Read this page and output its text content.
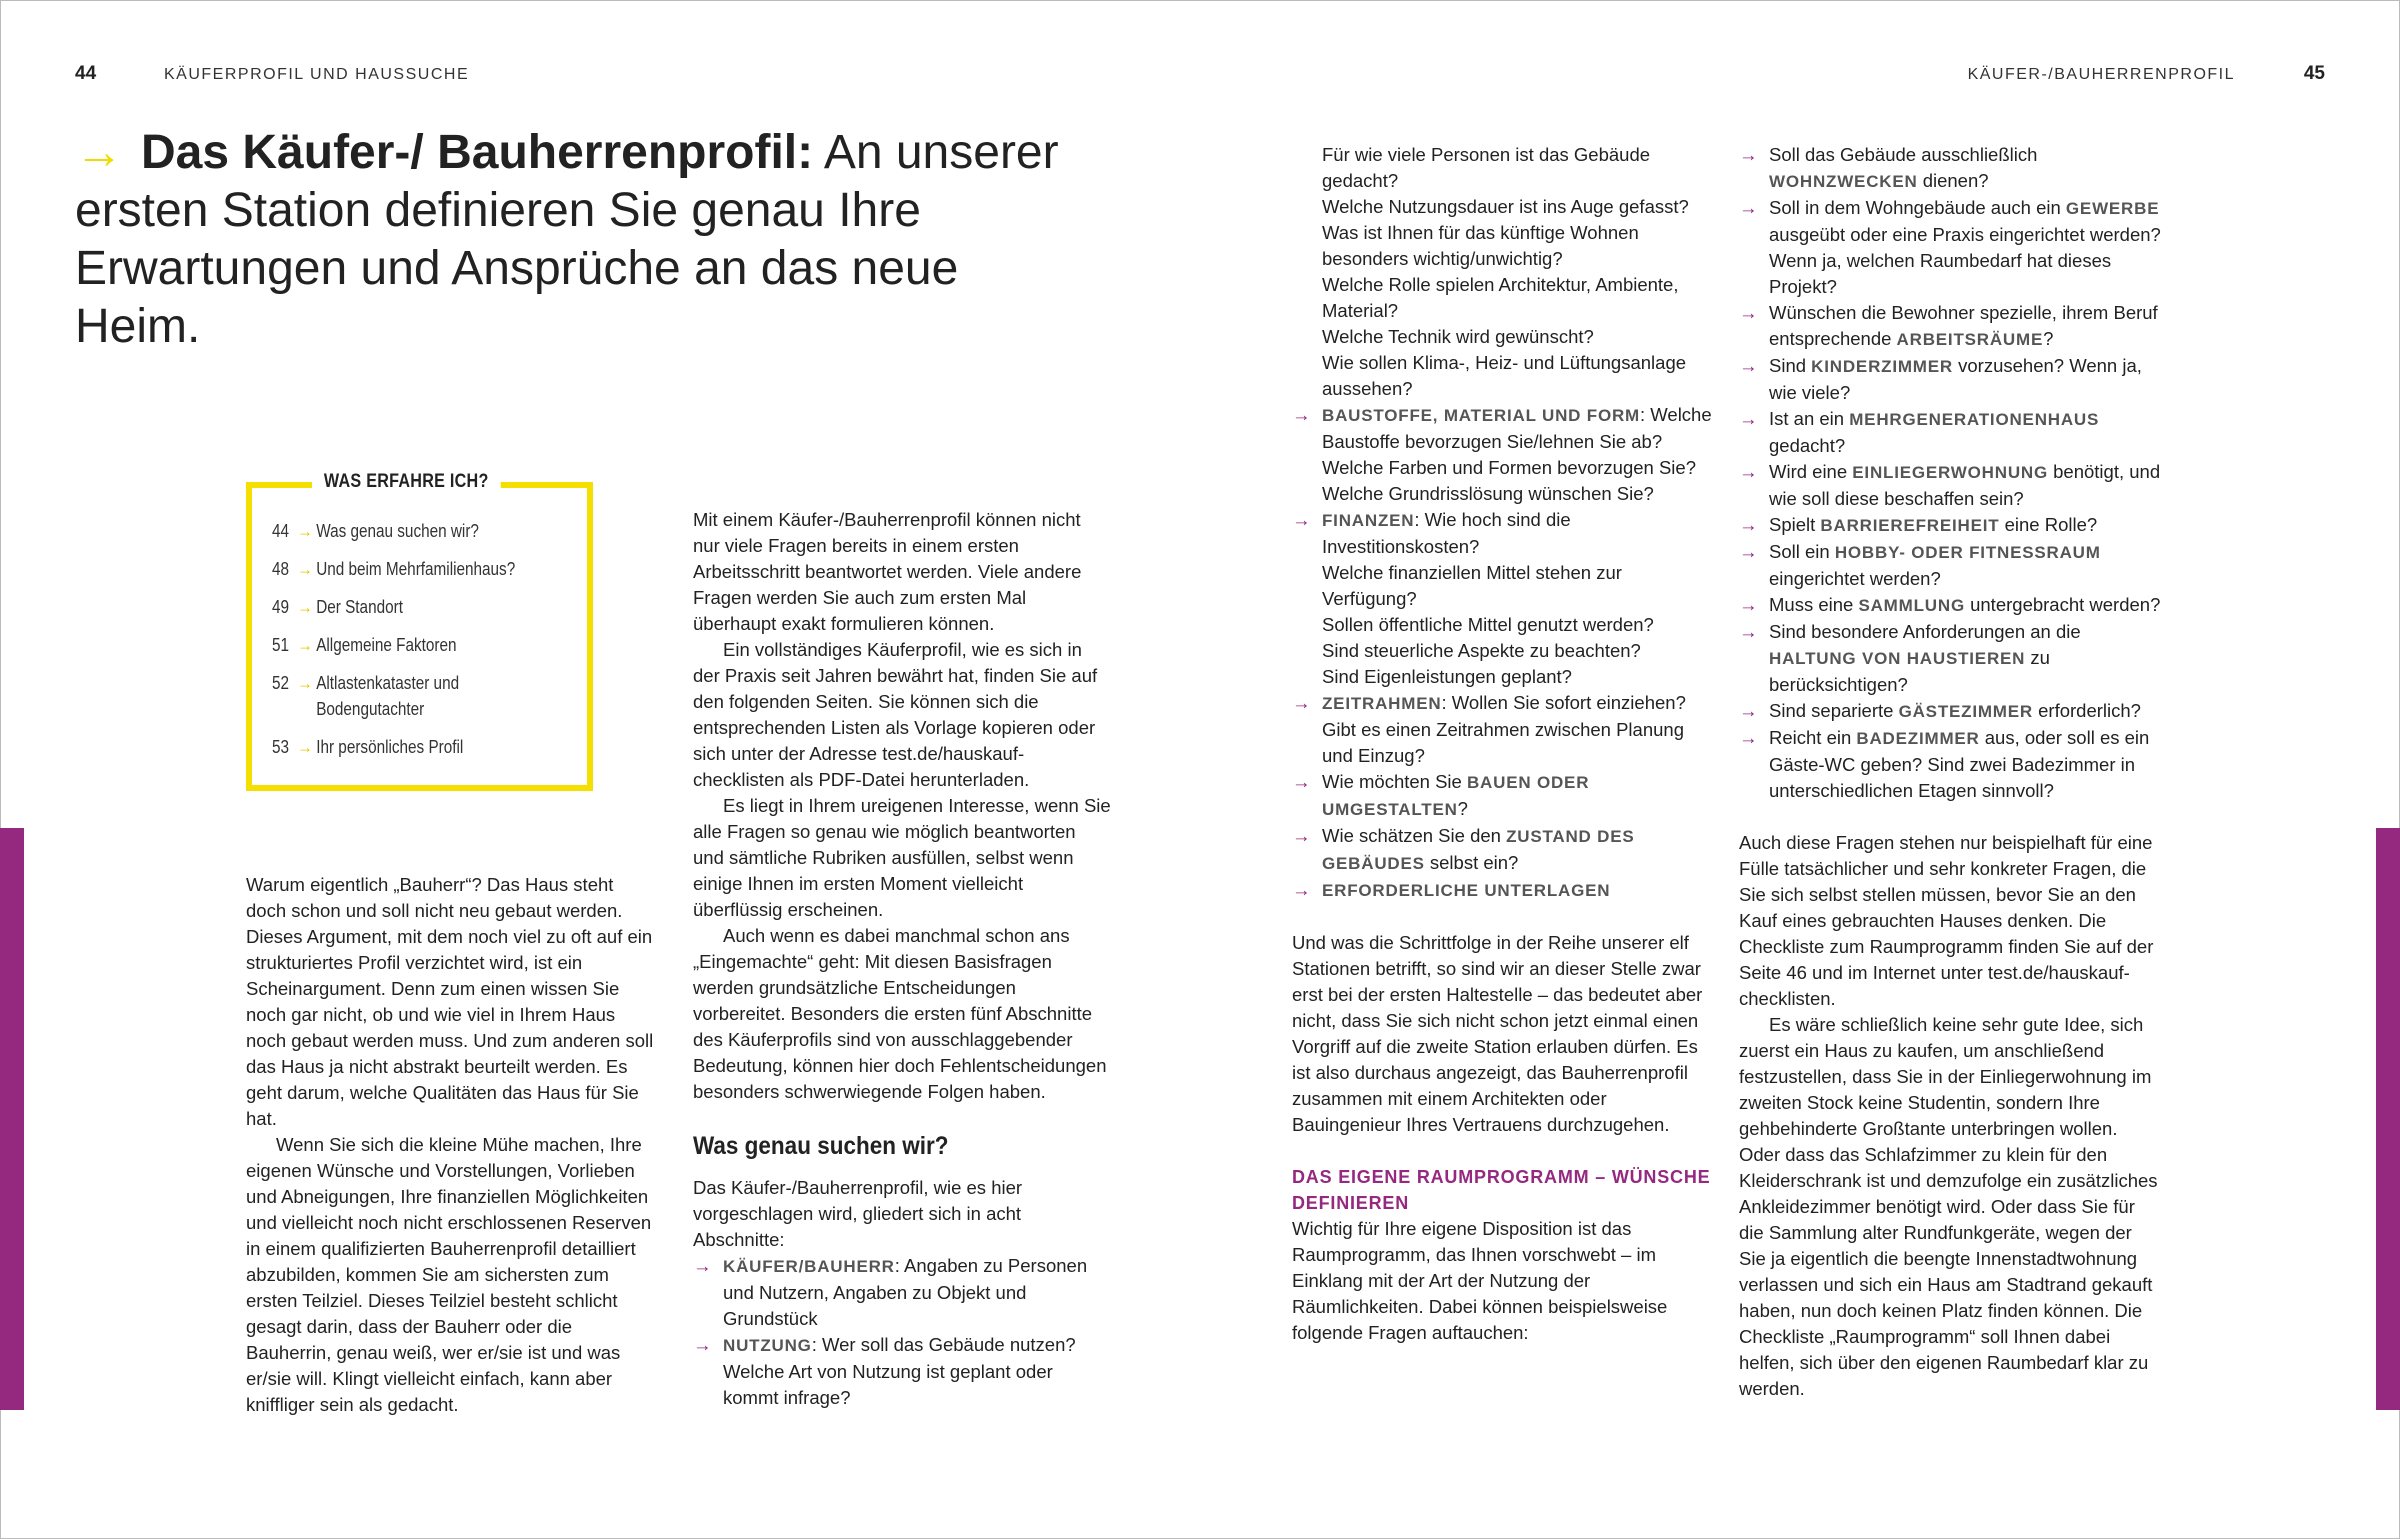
44	KÄUFERPROFIL UND HAUSSUCHE	KÄUFER-/BAUHERRENPROFIL	45
→ Das Käufer-/ Bauherrenprofil: An unserer ersten Station definieren Sie genau Ihre Erwartungen und Ansprüche an das neue Heim.
WAS ERFAHRE ICH?
44 → Was genau suchen wir?
48 → Und beim Mehrfamilienhaus?
49 → Der Standort
51 → Allgemeine Faktoren
52 → Altlastenkataster und Bodengutachter
53 → Ihr persönliches Profil

Warum eigentlich „Bauherr“? Das Haus steht doch schon und soll nicht neu gebaut werden. Dieses Argument, mit dem noch viel zu oft auf ein strukturiertes Profil verzichtet wird, ist ein Scheinargument. Denn zum einen wissen Sie noch gar nicht, ob und wie viel in Ihrem Haus noch gebaut werden muss. Und zum anderen soll das Haus ja nicht abstrakt beurteilt werden. Es geht darum, welche Qualitäten das Haus für Sie hat.

Wenn Sie sich die kleine Mühe machen, Ihre eigenen Wünsche und Vorstellungen, Vorlieben und Abneigungen, Ihre finanziellen Möglichkeiten und vielleicht noch nicht erschlossenen Reserven in einem qualifizierten Bauherrenprofil detailliert abzubilden, kommen Sie am sichersten zum ersten Teilziel. Dieses Teilziel besteht schlicht gesagt darin, dass der Bauherr oder die Bauherrin, genau weiß, wer er/sie ist und was er/sie will. Klingt vielleicht einfach, kann aber kniffliger sein als gedacht.

Mit einem Käufer-/Bauherrenprofil können nicht nur viele Fragen bereits in einem ersten Arbeitsschritt beantwortet werden. Viele andere Fragen werden Sie auch zum ersten Mal überhaupt exakt formulieren können.

Ein vollständiges Käuferprofil, wie es sich in der Praxis seit Jahren bewährt hat, finden Sie auf den folgenden Seiten. Sie können sich die entsprechenden Listen als Vorlage kopieren oder sich unter der Adresse test.de/hauskauf-checklisten als PDF-Datei herunterladen.

Es liegt in Ihrem ureigenen Interesse, wenn Sie alle Fragen so genau wie möglich beantworten und sämtliche Rubriken ausfüllen, selbst wenn einige Ihnen im ersten Moment vielleicht überflüssig erscheinen.

Auch wenn es dabei manchmal schon ans „Eingemachte“ geht: Mit diesen Basisfragen werden grundsätzliche Entscheidungen vorbereitet. Besonders die ersten fünf Abschnitte des Käuferprofils sind von ausschlaggebender Bedeutung, können hier doch Fehlentscheidungen besonders schwerwiegende Folgen haben.

Was genau suchen wir?

Das Käufer-/Bauherrenprofil, wie es hier vorgeschlagen wird, gliedert sich in acht Abschnitte:

→ KÄUFER/BAUHERR: Angaben zu Personen und Nutzern, Angaben zu Objekt und Grundstück
→ NUTZUNG: Wer soll das Gebäude nutzen?
Welche Art von Nutzung ist geplant oder kommt infrage?
Für wie viele Personen ist das Gebäude gedacht?
Welche Nutzungsdauer ist ins Auge gefasst?
Was ist Ihnen für das künftige Wohnen besonders wichtig/unwichtig?
Welche Rolle spielen Architektur, Ambiente, Material?
Welche Technik wird gewünscht?
Wie sollen Klima-, Heiz- und Lüftungsanlage aussehen?
→ BAUSTOFFE, MATERIAL UND FORM: Welche Baustoffe bevorzugen Sie/lehnen Sie ab?
Welche Farben und Formen bevorzugen Sie?
Welche Grundrisslösung wünschen Sie?
→ FINANZEN: Wie hoch sind die Investitionskosten?
Welche finanziellen Mittel stehen zur Verfügung?
Sollen öffentliche Mittel genutzt werden?
Sind steuerliche Aspekte zu beachten?
Sind Eigenleistungen geplant?
→ ZEITRAHMEN: Wollen Sie sofort einziehen?
Gibt es einen Zeitrahmen zwischen Planung und Einzug?
→ Wie möchten Sie BAUEN ODER UMGESTALTEN?
→ Wie schätzen Sie den ZUSTAND DES GEBÄUDES selbst ein?
→ ERFORDERLICHE UNTERLAGEN

Und was die Schrittfolge in der Reihe unserer elf Stationen betrifft, so sind wir an dieser Stelle zwar erst bei der ersten Haltestelle – das bedeutet aber nicht, dass Sie sich nicht schon jetzt einmal einen Vorgriff auf die zweite Station erlauben dürfen. Es ist also durchaus angezeigt, das Bauherrenprofil zusammen mit einem Architekten oder Bauingenieur Ihres Vertrauens durchzugehen.

DAS EIGENE RAUMPROGRAMM – WÜNSCHE DEFINIEREN

Wichtig für Ihre eigene Disposition ist das Raumprogramm, das Ihnen vorschwebt – im Einklang mit der Art der Nutzung der Räumlichkeiten. Dabei können beispielsweise folgende Fragen auftauchen:

→ Soll das Gebäude ausschließlich WOHNZWECKEN dienen?
→ Soll in dem Wohngebäude auch ein GEWERBE ausgeübt oder eine Praxis eingerichtet werden? Wenn ja, welchen Raumbedarf hat dieses Projekt?
→ Wünschen die Bewohner spezielle, ihrem Beruf entsprechende ARBEITSRÄUME?
→ Sind KINDERZIMMER vorzusehen? Wenn ja, wie viele?
→ Ist an ein MEHRGENERATIONENHAUS gedacht?
→ Wird eine EINLIEGERWOHNUNG benötigt, und wie soll diese beschaffen sein?
→ Spielt BARRIEREFREIHEIT eine Rolle?
→ Soll ein HOBBY- ODER FITNESSRAUM eingerichtet werden?
→ Muss eine SAMMLUNG untergebracht werden?
→ Sind besondere Anforderungen an die HALTUNG VON HAUSTIEREN zu berücksichtigen?
→ Sind separierte GÄSTEZIMMER erforderlich?
→ Reicht ein BADEZIMMER aus, oder soll es ein Gäste-WC geben? Sind zwei Badezimmer in unterschiedlichen Etagen sinnvoll?

Auch diese Fragen stehen nur beispielhaft für eine Fülle tatsächlicher und sehr konkreter Fragen, die Sie sich selbst stellen müssen, bevor Sie an den Kauf eines gebrauchten Hauses denken. Die Checkliste zum Raumprogramm finden Sie auf der Seite 46 und im Internet unter test.de/hauskauf-checklisten.

Es wäre schließlich keine sehr gute Idee, sich zuerst ein Haus zu kaufen, um anschließend festzustellen, dass Sie in der Einliegerwohnung im zweiten Stock keine Studentin, sondern Ihre gehbehinderte Großtante unterbringen wollen. Oder dass das Schlafzimmer zu klein für den Kleiderschrank ist und demzufolge ein zusätzliches Ankleidezimmer benötigt wird. Oder dass Sie für die Sammlung alter Rundfunkgeräte, wegen der Sie ja eigentlich die beengte Innenstadtwohnung verlassen und sich ein Haus am Stadtrand gekauft haben, nun doch keinen Platz finden können. Die Checkliste „Raumprogramm“ soll Ihnen dabei helfen, sich über den eigenen Raumbedarf klar zu werden.
